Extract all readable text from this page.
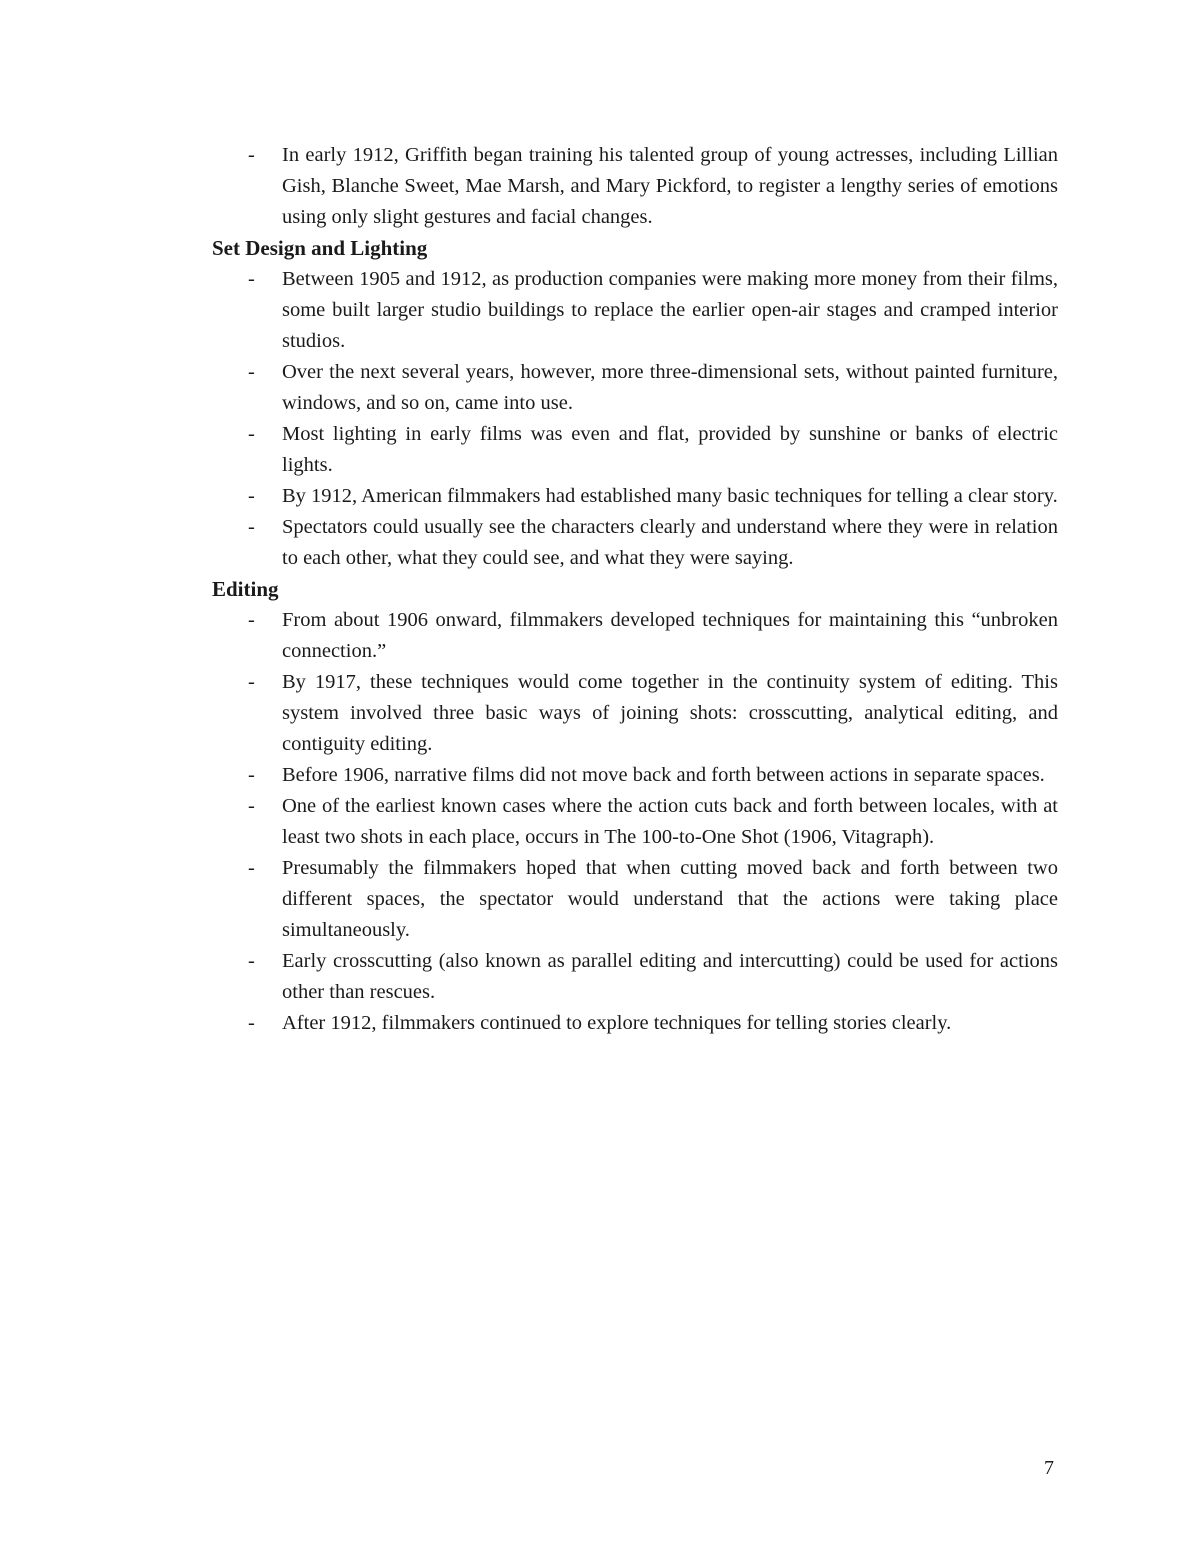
- In early 1912, Griffith began training his talented group of young actresses, including Lillian Gish, Blanche Sweet, Mae Marsh, and Mary Pickford, to register a lengthy series of emotions using only slight gestures and facial changes.
Set Design and Lighting
- Between 1905 and 1912, as production companies were making more money from their films, some built larger studio buildings to replace the earlier open-air stages and cramped interior studios.
- Over the next several years, however, more three-dimensional sets, without painted furniture, windows, and so on, came into use.
- Most lighting in early films was even and flat, provided by sunshine or banks of electric lights.
- By 1912, American filmmakers had established many basic techniques for telling a clear story.
- Spectators could usually see the characters clearly and understand where they were in relation to each other, what they could see, and what they were saying.
Editing
- From about 1906 onward, filmmakers developed techniques for maintaining this “unbroken connection.”
- By 1917, these techniques would come together in the continuity system of editing. This system involved three basic ways of joining shots: crosscutting, analytical editing, and contiguity editing.
- Before 1906, narrative films did not move back and forth between actions in separate spaces.
- One of the earliest known cases where the action cuts back and forth between locales, with at least two shots in each place, occurs in The 100-to-One Shot (1906, Vitagraph).
- Presumably the filmmakers hoped that when cutting moved back and forth between two different spaces, the spectator would understand that the actions were taking place simultaneously.
- Early crosscutting (also known as parallel editing and intercutting) could be used for actions other than rescues.
- After 1912, filmmakers continued to explore techniques for telling stories clearly.
7
